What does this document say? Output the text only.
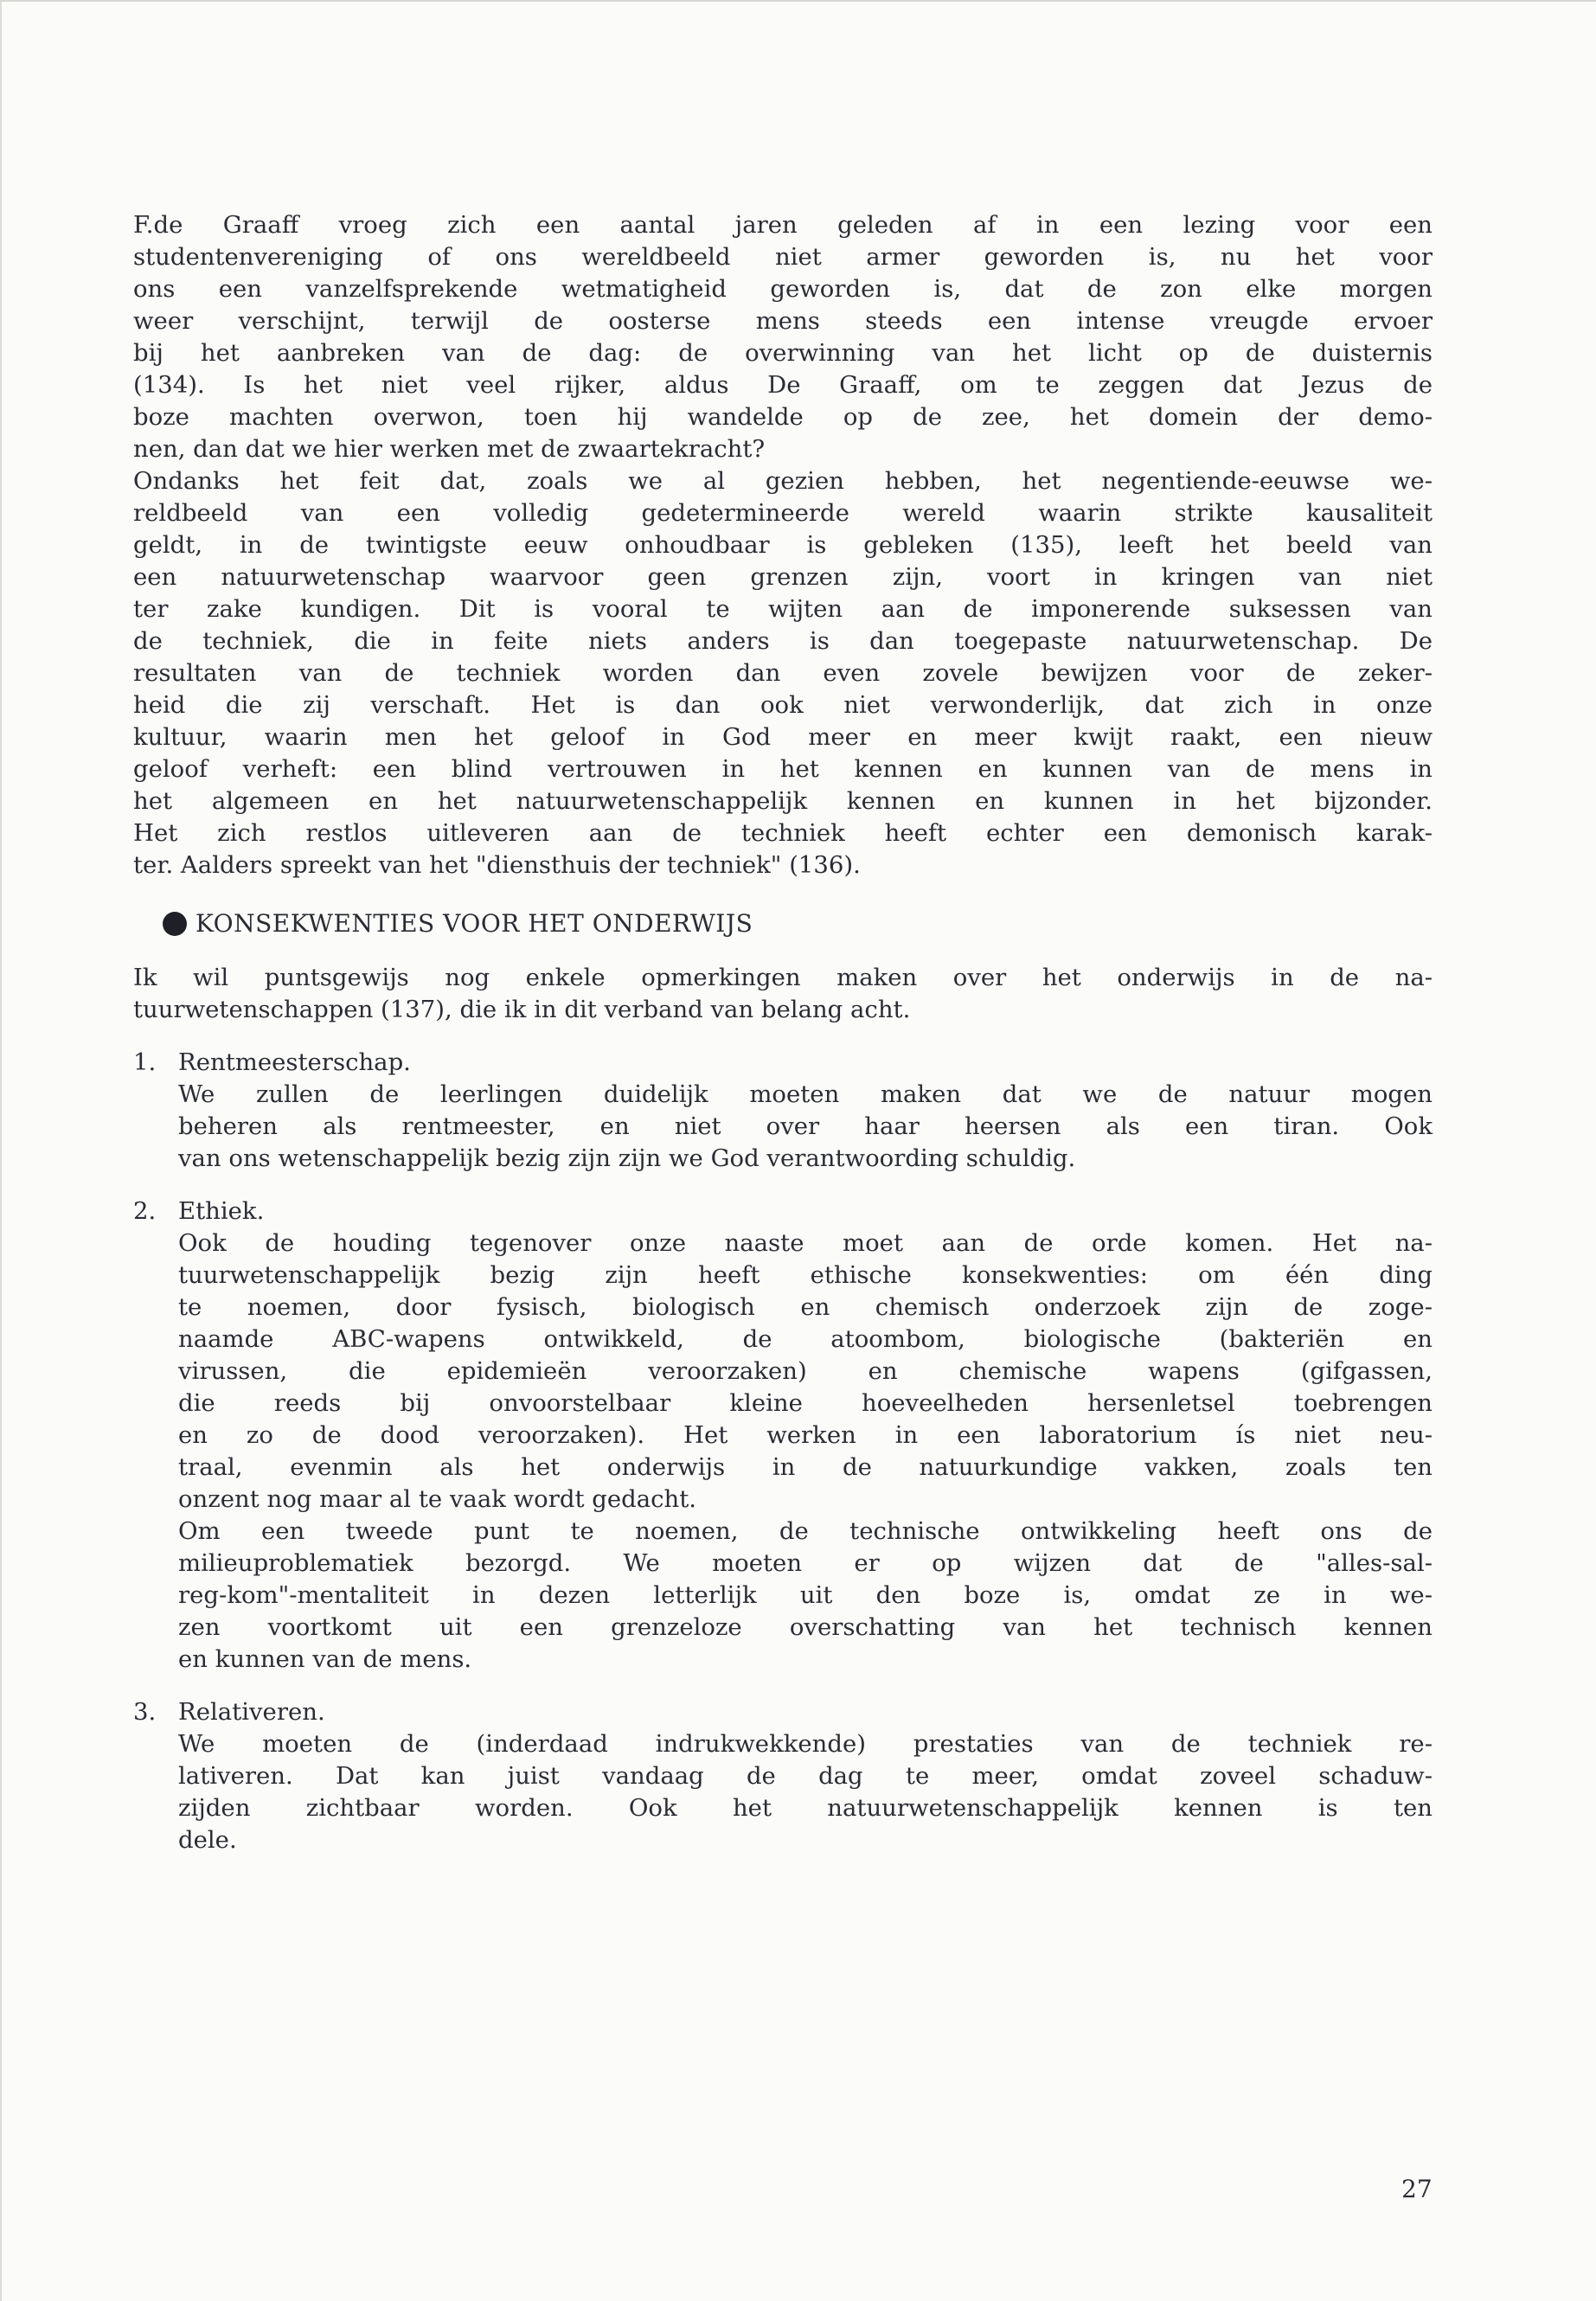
F.de Graaff vroeg zich een aantal jaren geleden af in een lezing voor een
studentenvereniging of ons wereldbeeld niet armer geworden is, nu het voor
ons een vanzelfsprekende wetmatigheid geworden is, dat de zon elke morgen
weer verschijnt, terwijl de oosterse mens steeds een intense vreugde ervoer
bij het aanbreken van de dag: de overwinning van het licht op de duisternis
(134). Is het niet veel rijker, aldus De Graaff, om te zeggen dat Jezus de
boze machten overwon, toen hij wandelde op de zee, het domein der demo-
nen, dan dat we hier werken met de zwaartekracht?
Ondanks het feit dat, zoals we al gezien hebben, het negentiende-eeuwse we-
reldbeeld van een volledig gedetermineerde wereld waarin strikte kausaliteit
geldt, in de twintigste eeuw onhoudbaar is gebleken (135), leeft het beeld van
een natuurwetenschap waarvoor geen grenzen zijn, voort in kringen van niet
ter zake kundigen. Dit is vooral te wijten aan de imponerende suksessen van
de techniek, die in feite niets anders is dan toegepaste natuurwetenschap. De
resultaten van de techniek worden dan even zovele bewijzen voor de zeker-
heid die zij verschaft. Het is dan ook niet verwonderlijk, dat zich in onze
kultuur, waarin men het geloof in God meer en meer kwijt raakt, een nieuw
geloof verheft: een blind vertrouwen in het kennen en kunnen van de mens in
het algemeen en het natuurwetenschappelijk kennen en kunnen in het bijzonder.
Het zich restlos uitleveren aan de techniek heeft echter een demonisch karak-
ter. Aalders spreekt van het "diensthuis der techniek" (136).
KONSEKWENTIES VOOR HET ONDERWIJS
Ik wil puntsgewijs nog enkele opmerkingen maken over het onderwijs in de na-
tuurwetenschappen (137), die ik in dit verband van belang acht.
1. Rentmeesterschap.
We zullen de leerlingen duidelijk moeten maken dat we de natuur mogen
beheren als rentmeester, en niet over haar heersen als een tiran. Ook
van ons wetenschappelijk bezig zijn zijn we God verantwoording schuldig.
2. Ethiek.
Ook de houding tegenover onze naaste moet aan de orde komen. Het na-
tuurwetenschappelijk bezig zijn heeft ethische konsekwenties: om één ding
te noemen, door fysisch, biologisch en chemisch onderzoek zijn de zoge-
naamde ABC-wapens ontwikkeld, de atoombom, biologische (bakteriën en
virussen, die epidemieën veroorzaken) en chemische wapens (gifgassen,
die reeds bij onvoorstelbaar kleine hoeveelheden hersenletsel toebrengen
en zo de dood veroorzaken). Het werken in een laboratorium ís niet neu-
traal, evenmin als het onderwijs in de natuurkundige vakken, zoals ten
onzent nog maar al te vaak wordt gedacht.
Om een tweede punt te noemen, de technische ontwikkeling heeft ons de
milieuproblematiek bezorgd. We moeten er op wijzen dat de "alles-sal-
reg-kom"-mentaliteit in dezen letterlijk uit den boze is, omdat ze in we-
zen voortkomt uit een grenzeloze overschatting van het technisch kennen
en kunnen van de mens.
3. Relativeren.
We moeten de (inderdaad indrukwekkende) prestaties van de techniek re-
lativeren. Dat kan juist vandaag de dag te meer, omdat zoveel schaduw-
zijden zichtbaar worden. Ook het natuurwetenschappelijk kennen is ten
dele.
27
